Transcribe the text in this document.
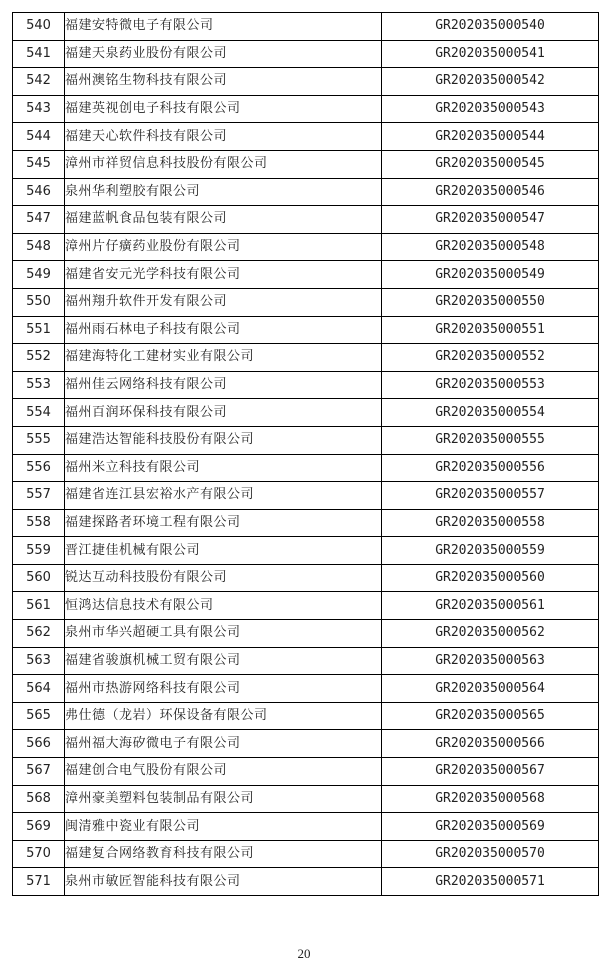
540	福建安特微电子有限公司	GR202035000540
541	福建天泉药业股份有限公司	GR202035000541
542	福州澳铭生物科技有限公司	GR202035000542
543	福建英视创电子科技有限公司	GR202035000543
544	福建天心软件科技有限公司	GR202035000544
545	漳州市祥贸信息科技股份有限公司	GR202035000545
546	泉州华利塑胶有限公司	GR202035000546
547	福建蓝帆食品包装有限公司	GR202035000547
548	漳州片仔癀药业股份有限公司	GR202035000548
549	福建省安元光学科技有限公司	GR202035000549
550	福州翔升软件开发有限公司	GR202035000550
551	福州雨石林电子科技有限公司	GR202035000551
552	福建海特化工建材实业有限公司	GR202035000552
553	福州佳云网络科技有限公司	GR202035000553
554	福州百润环保科技有限公司	GR202035000554
555	福建浩达智能科技股份有限公司	GR202035000555
556	福州米立科技有限公司	GR202035000556
557	福建省连江县宏裕水产有限公司	GR202035000557
558	福建探路者环境工程有限公司	GR202035000558
559	晋江捷佳机械有限公司	GR202035000559
560	锐达互动科技股份有限公司	GR202035000560
561	恒鸿达信息技术有限公司	GR202035000561
562	泉州市华兴超硬工具有限公司	GR202035000562
563	福建省骏旗机械工贸有限公司	GR202035000563
564	福州市热游网络科技有限公司	GR202035000564
565	弗仕德（龙岩）环保设备有限公司	GR202035000565
566	福州福大海矽微电子有限公司	GR202035000566
567	福建创合电气股份有限公司	GR202035000567
568	漳州豪美塑料包装制品有限公司	GR202035000568
569	闽清雅中瓷业有限公司	GR202035000569
570	福建复合网络教育科技有限公司	GR202035000570
571	泉州市敏匠智能科技有限公司	GR202035000571
20
